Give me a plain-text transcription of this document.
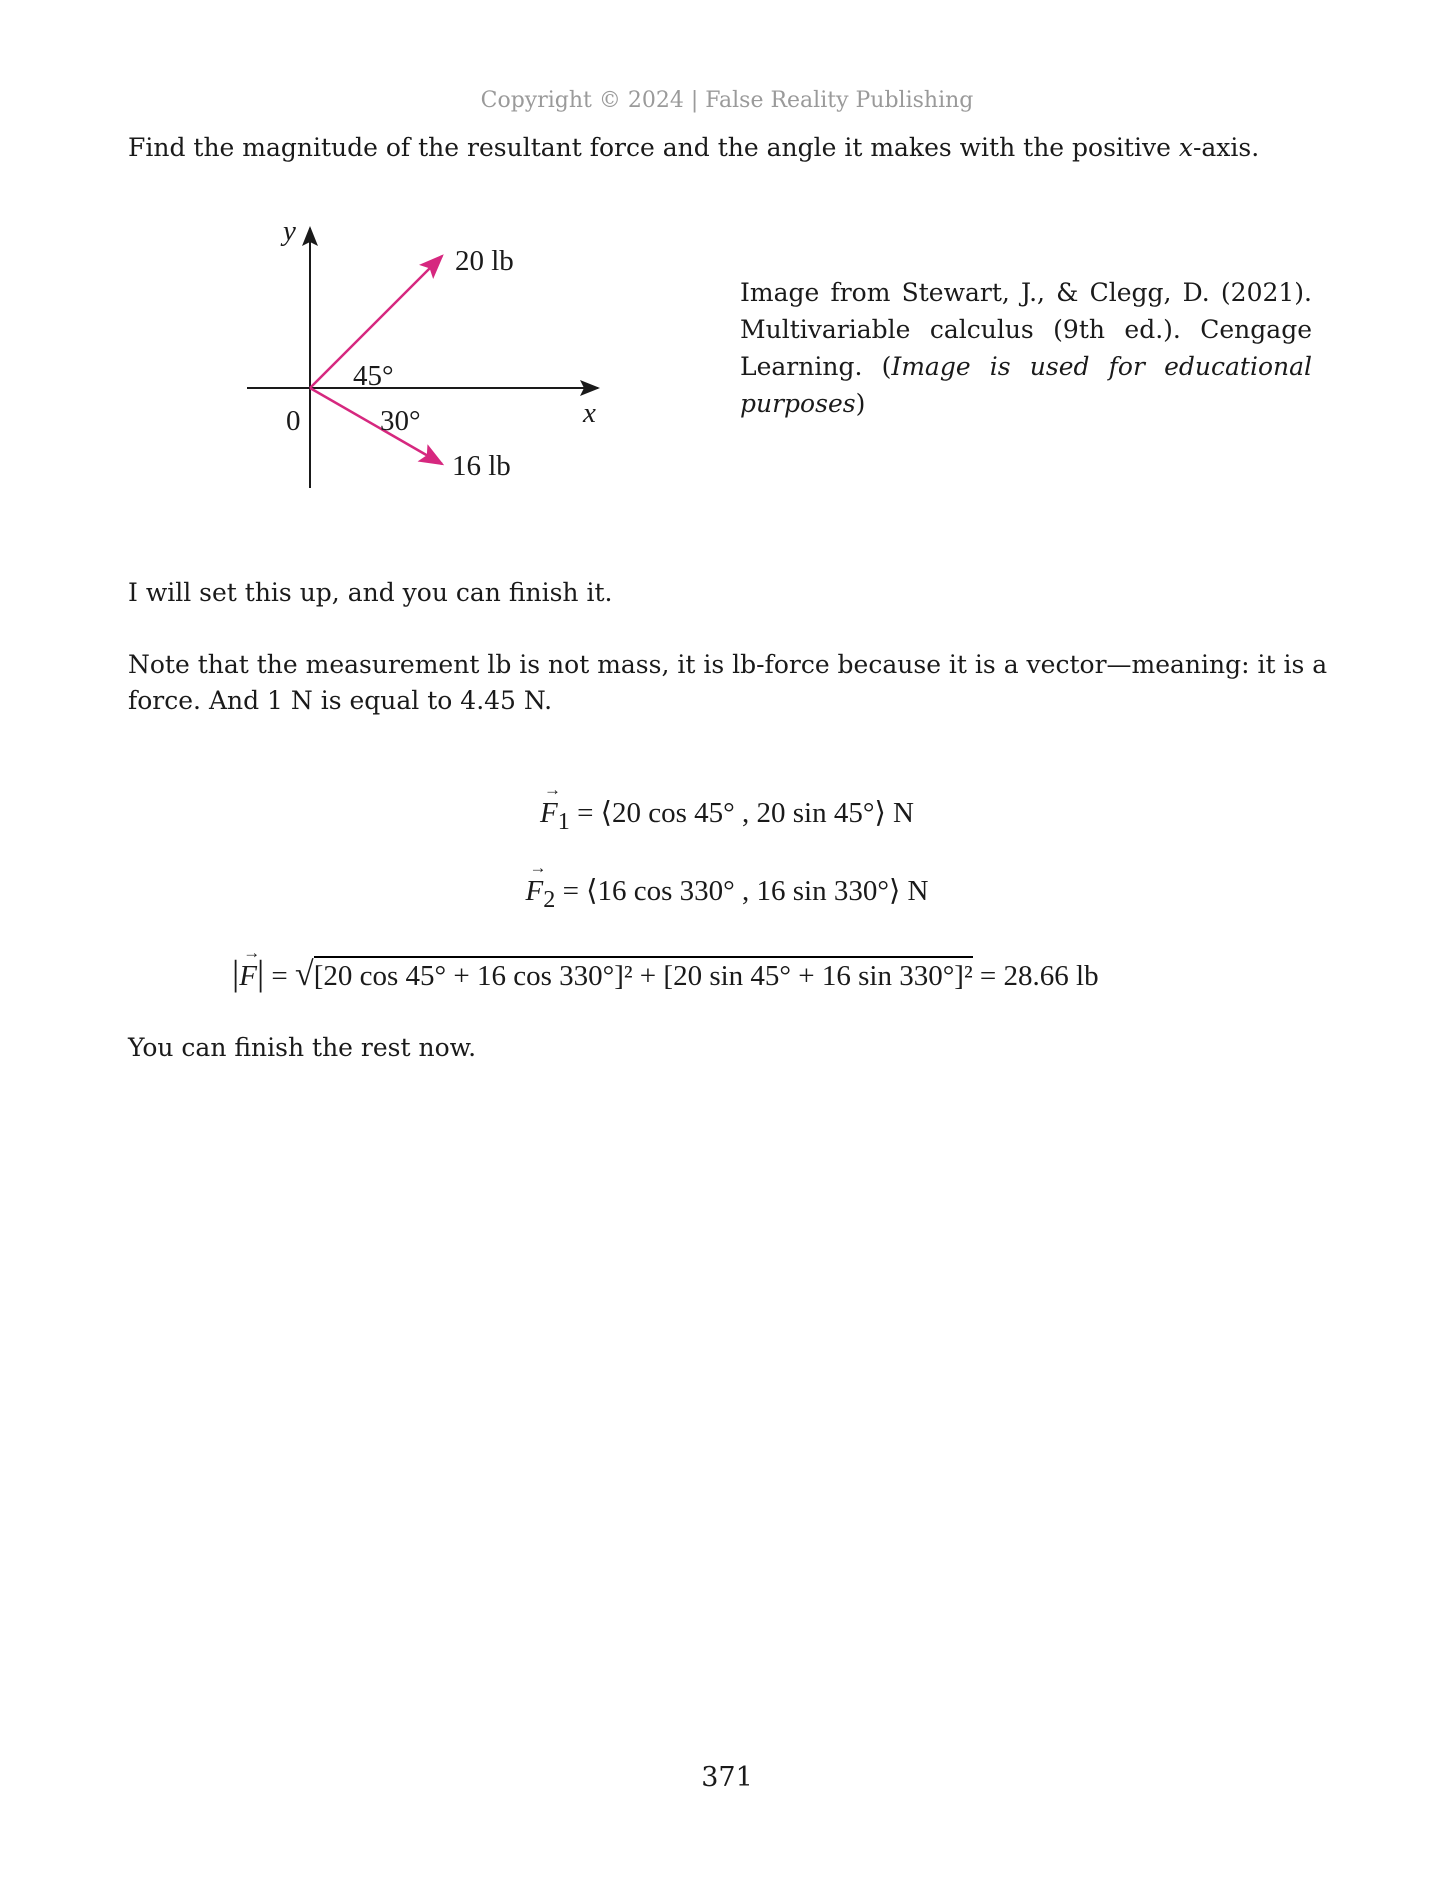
Copyright © 2024 | False Reality Publishing
Find the magnitude of the resultant force and the angle it makes with the positive x-axis.
y
x
0
20 lb
45°
30°
16 lb
Image from Stewart, J., & Clegg, D. (2021). Multivariable calculus (9th ed.). Cengage Learning. (Image is used for educational purposes)
I will set this up, and you can finish it.
Note that the measurement lb is not mass, it is lb-force because it is a vector—meaning: it is a force. And 1 N is equal to 4.45 N.
→ $F_1$ = ⟨20 cos 45° , 20 sin 45°⟩ N
→ $F_2$ = ⟨16 cos 330° , 16 sin 330°⟩ N
|→ F| = √[20 cos 45° + 16 cos 330°]² + [20 sin 45° + 16 sin 330°]² = 28.66 lb
You can finish the rest now.
371
